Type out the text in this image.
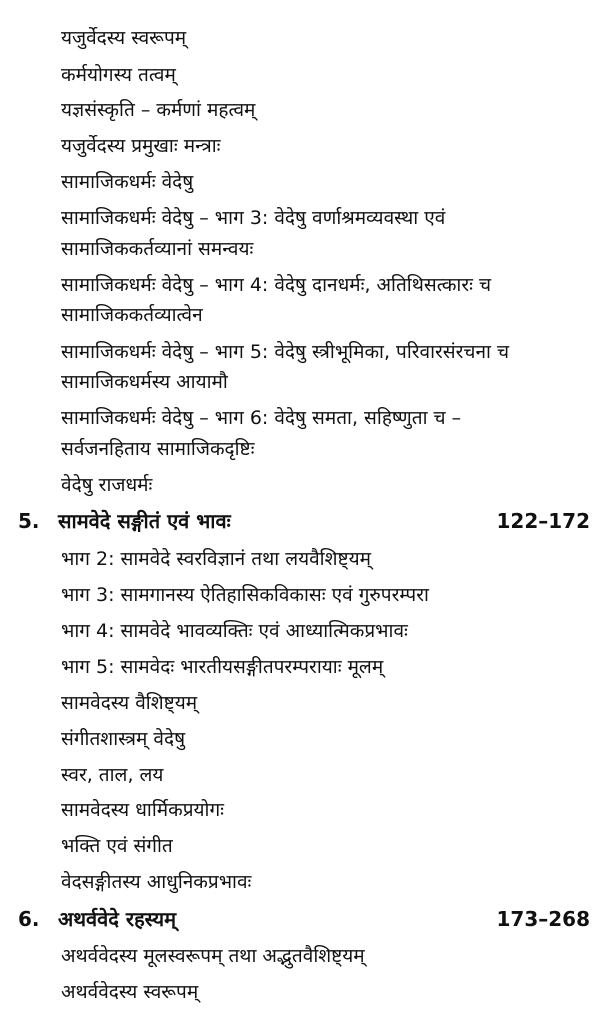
यजुर्वेदस्य स्वरूपम्
कर्मयोगस्य तत्वम्
यज्ञसंस्कृति – कर्मणां महत्वम्
यजुर्वेदस्य प्रमुखाः मन्त्राः
सामाजिकधर्मः वेदेषु
सामाजिकधर्मः वेदेषु – भाग 3: वेदेषु वर्णाश्रमव्यवस्था एवं
सामाजिककर्तव्यानां समन्वयः
सामाजिकधर्मः वेदेषु – भाग 4: वेदेषु दानधर्मः, अतिथिसत्कारः च
सामाजिककर्तव्यात्वेन
सामाजिकधर्मः वेदेषु – भाग 5: वेदेषु स्त्रीभूमिका, परिवारसंरचना च
सामाजिकधर्मस्य आयामौ
सामाजिकधर्मः वेदेषु – भाग 6: वेदेषु समता, सहिष्णुता च –
सर्वजनहिताय सामाजिकदृष्टिः
वेदेषु राजधर्मः
5. सामवेदे सङ्गीतं एवं भावः	122–172
भाग 2: सामवेदे स्वरविज्ञानं तथा लयवैशिष्ट्यम्
भाग 3: सामगानस्य ऐतिहासिकविकासः एवं गुरुपरम्परा
भाग 4: सामवेदे भावव्यक्तिः एवं आध्यात्मिकप्रभावः
भाग 5: सामवेदः भारतीयसङ्गीतपरम्परायाः मूलम्
सामवेदस्य वैशिष्ट्यम्
संगीतशास्त्रम् वेदेषु
स्वर, ताल, लय
सामवेदस्य धार्मिकप्रयोगः
भक्ति एवं संगीत
वेदसङ्गीतस्य आधुनिकप्रभावः
6. अथर्ववेदे रहस्यम्	173–268
अथर्ववेदस्य मूलस्वरूपम् तथा अद्भुतवैशिष्ट्यम्
अथर्ववेदस्य स्वरूपम्
